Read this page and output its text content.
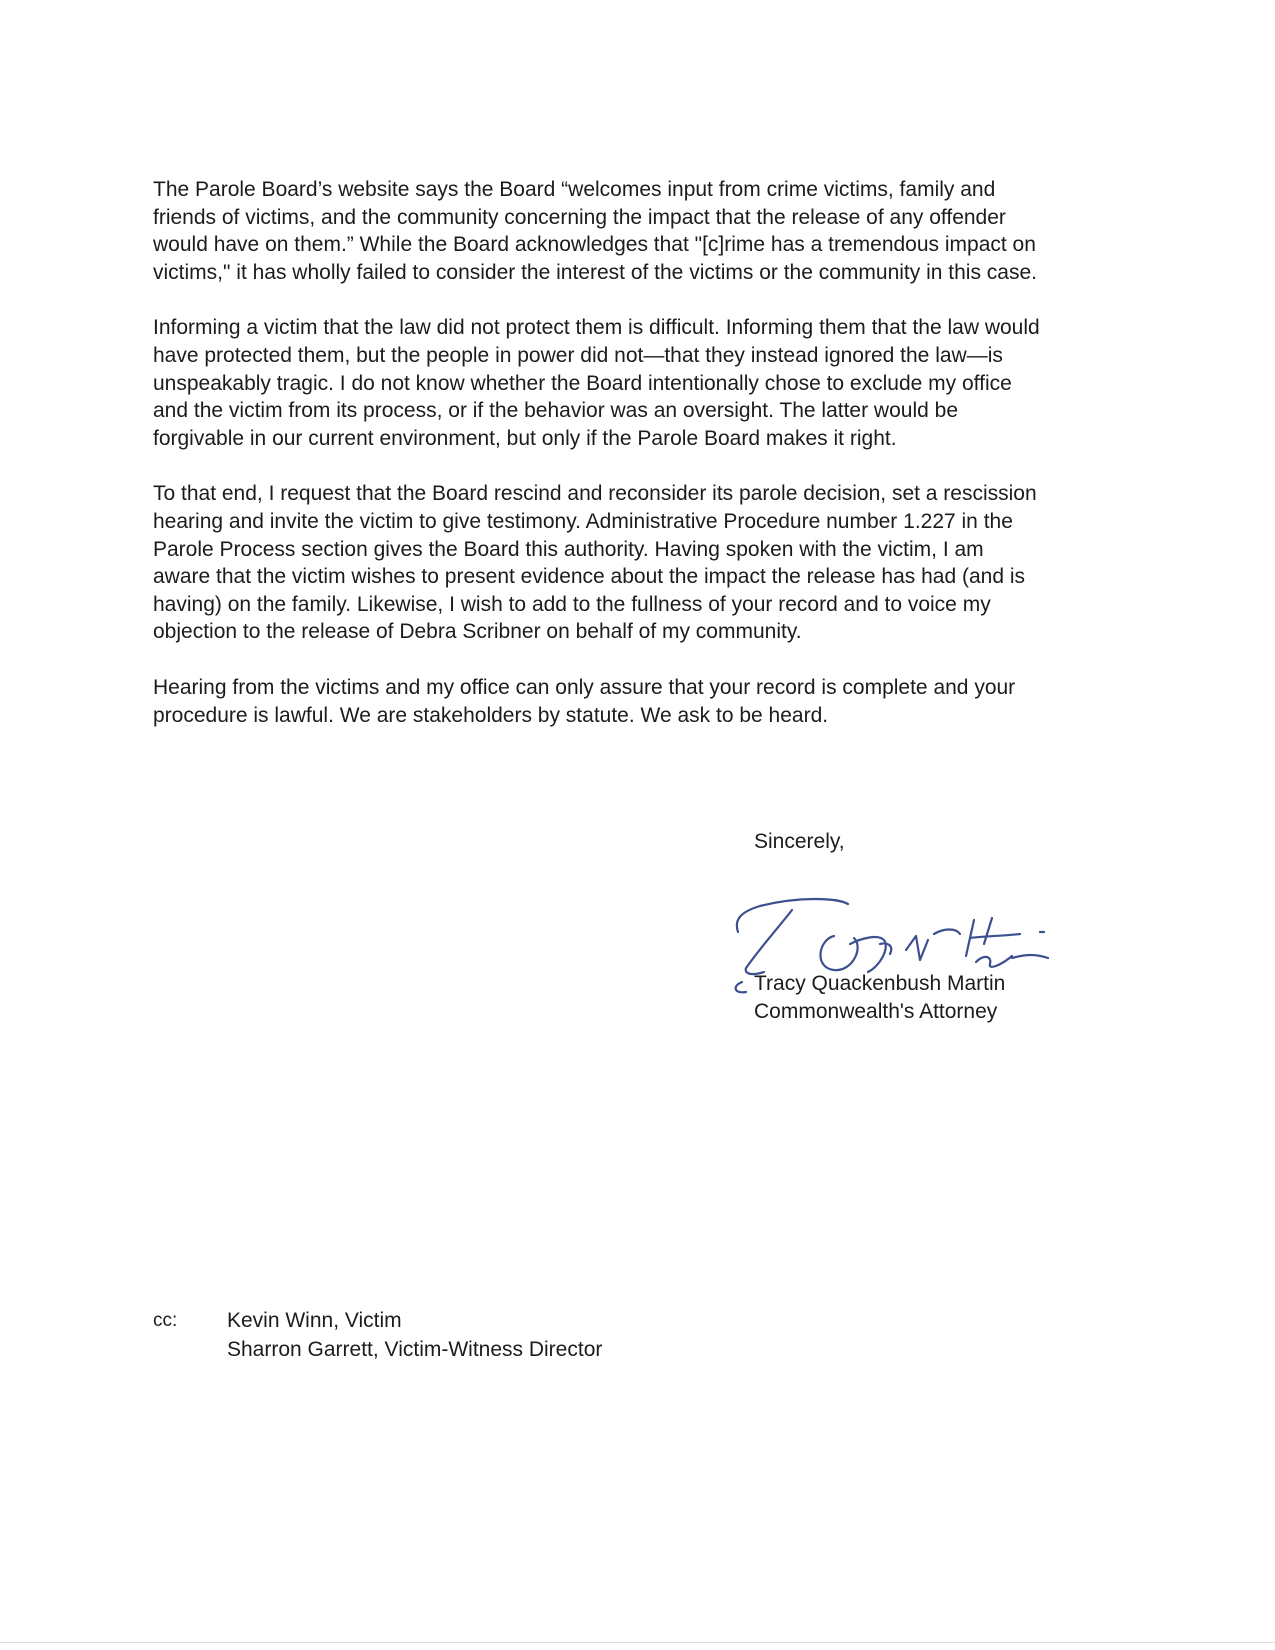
The Parole Board’s website says the Board “welcomes input from crime victims, family and
friends of victims, and the community concerning the impact that the release of any offender
would have on them.” While the Board acknowledges that "[c]rime has a tremendous impact on
victims," it has wholly failed to consider the interest of the victims or the community in this case.

Informing a victim that the law did not protect them is difficult. Informing them that the law would
have protected them, but the people in power did not—that they instead ignored the law—is
unspeakably tragic. I do not know whether the Board intentionally chose to exclude my office
and the victim from its process, or if the behavior was an oversight. The latter would be
forgivable in our current environment, but only if the Parole Board makes it right.

To that end, I request that the Board rescind and reconsider its parole decision, set a rescission
hearing and invite the victim to give testimony. Administrative Procedure number 1.227 in the
Parole Process section gives the Board this authority. Having spoken with the victim, I am
aware that the victim wishes to present evidence about the impact the release has had (and is
having) on the family. Likewise, I wish to add to the fullness of your record and to voice my
objection to the release of Debra Scribner on behalf of my community.

Hearing from the victims and my office can only assure that your record is complete and your
procedure is lawful. We are stakeholders by statute. We ask to be heard.

Sincerely,
Tracy Quackenbush Martin
Commonwealth's Attorney
cc: Kevin Winn, Victim
Sharron Garrett, Victim-Witness Director
